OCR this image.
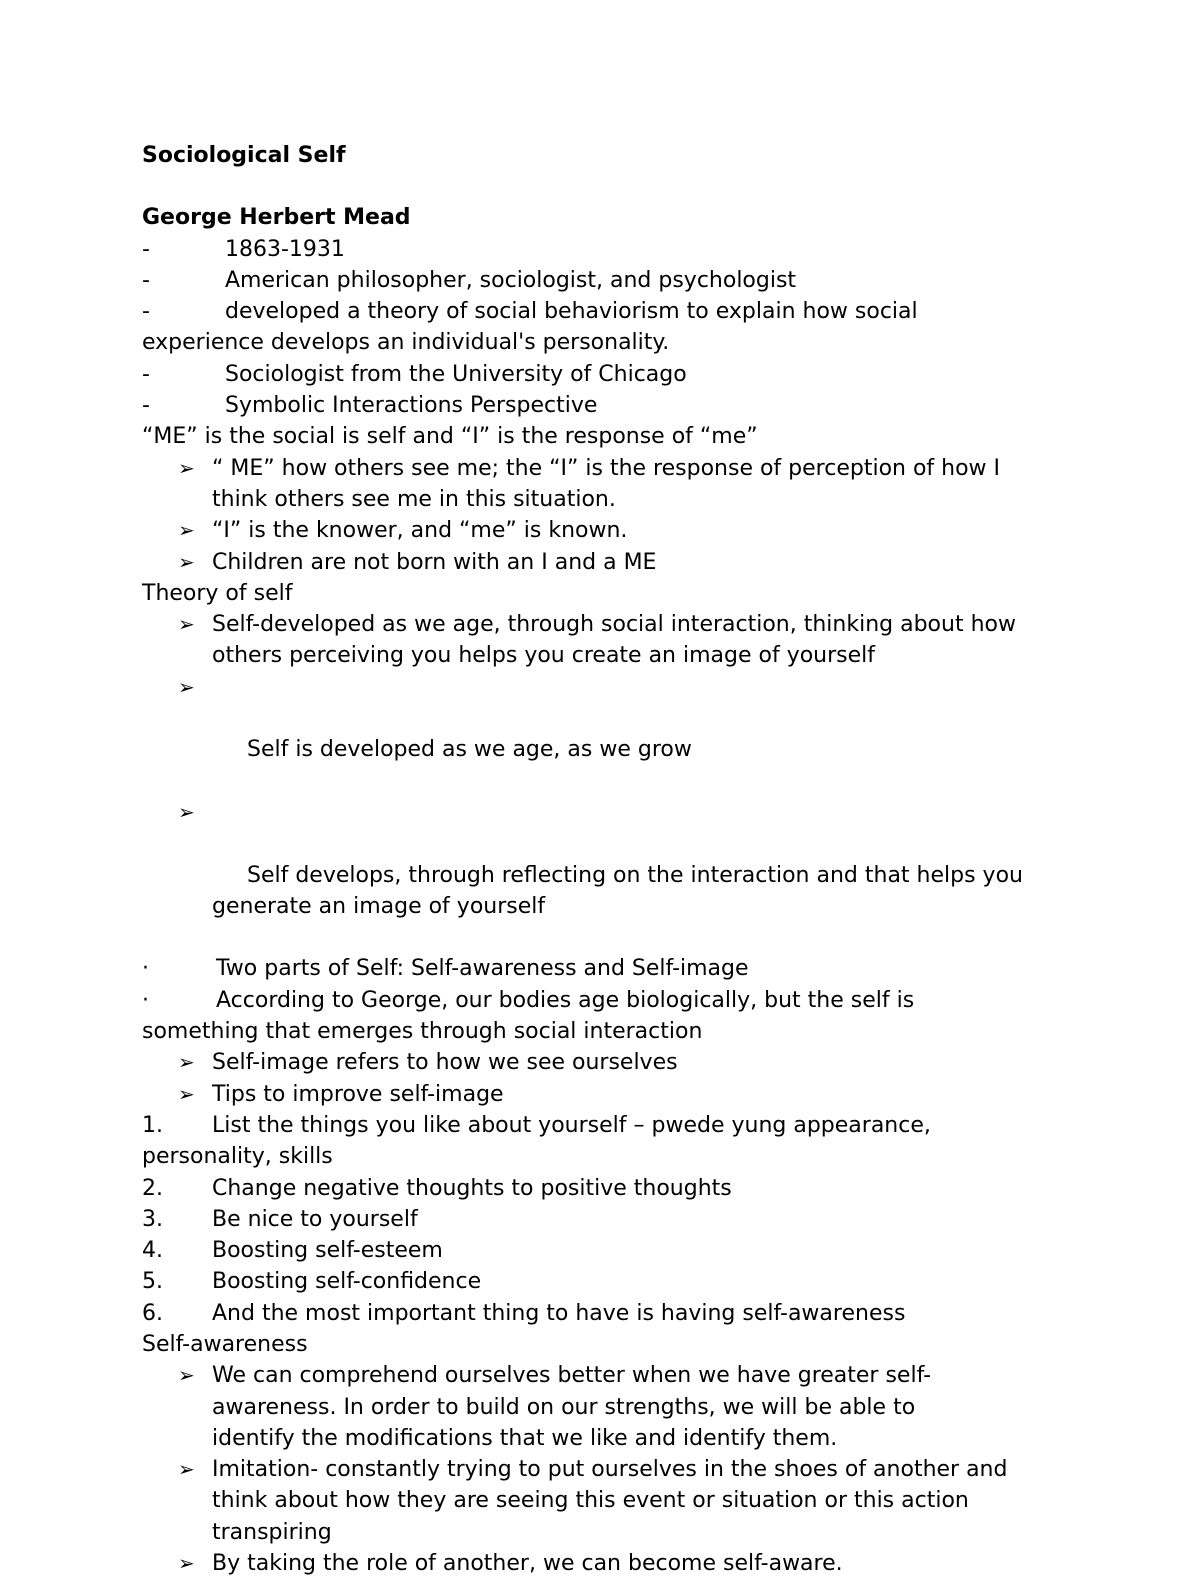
Sociological Self

George Herbert Mead

-	1863-1931

-	American philosopher, sociologist, and psychologist

-	developed a theory of social behaviorism to explain how social experience develops an individual's personality.

-	Sociologist from the University of Chicago

-	Symbolic Interactions Perspective

“ME” is the social is self and “I” is the response of “me”

➢ “ ME” how others see me; the “I” is the response of perception of how I think others see me in this situation.

➢ “I” is the knower, and “me” is known.

➢ Children are not born with an I and a ME

Theory of self

➢ Self-developed as we age, through social interaction, thinking about how others perceiving you helps you create an image of yourself

➢

Self is developed as we age, as we grow

➢

Self develops, through reflecting on the interaction and that helps you generate an image of yourself

·	Two parts of Self: Self-awareness and Self-image

·	According to George, our bodies age biologically, but the self is something that emerges through social interaction

➢ Self-image refers to how we see ourselves

➢ Tips to improve self-image

1. List the things you like about yourself – pwede yung appearance, personality, skills

2. Change negative thoughts to positive thoughts

3. Be nice to yourself

4. Boosting self-esteem

5. Boosting self-confidence

6. And the most important thing to have is having self-awareness

Self-awareness

➢ We can comprehend ourselves better when we have greater self-awareness. In order to build on our strengths, we will be able to identify the modifications that we like and identify them.

➢ Imitation- constantly trying to put ourselves in the shoes of another and think about how they are seeing this event or situation or this action transpiring

➢ By taking the role of another, we can become self-aware.
